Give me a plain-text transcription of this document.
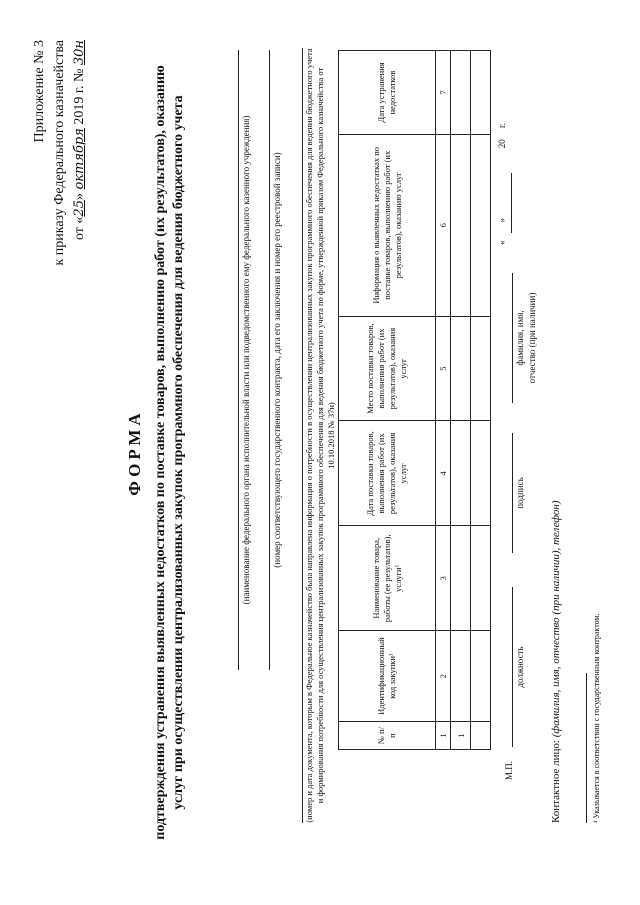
Приложение № 3 к приказу Федерального казначейства от «25» октября 2019 г. № 30н
ФОРМА подтверждения устранения выявленных недостатков по поставке товаров, выполнению работ (их результатов), оказанию услуг при осуществлении централизованных закупок программного обеспечения для ведения бюджетного учета	(наименование федерального органа исполнительной власти или подведомственного ему федерального казенного учреждения) (номер соответствующего государственного контракта, дата его заключения и номер его реестровой записи)	(номер и дата документа, которым в Федеральное казначейство была направлена информация о потребности в осуществлении централизованных закупок программного обеспечения для ведения бюджетного учета и формирования потребности для осуществления централизованных закупок программного обеспечения для ведения бюджетного учета по форме, утвержденной приказом Федерального казначейства от 10.10.2018 № 37н)
№ п/п	Идентификационный код закупки¹	Наименование товара, работы (ее результатов), услуги¹	Дата поставки товаров, выполнения работ (их результатов), оказания услуг	Место поставки товаров, выполнения работ (их результатов), оказания услуг	Информация о выявленных недостатках по поставке товаров, выполнению работ (их результатов), оказанию услуг	Дата устранения недостатков
1	2	3	4	5	6	7
1						

М.П.
должность
подпись
фамилия, имя, отчество (при наличии)
«        »                               20     г.
Контактное лицо: (фамилия, имя, отчество (при наличии), телефон)	¹ Указывается в соответствии с государственным контрактом.
